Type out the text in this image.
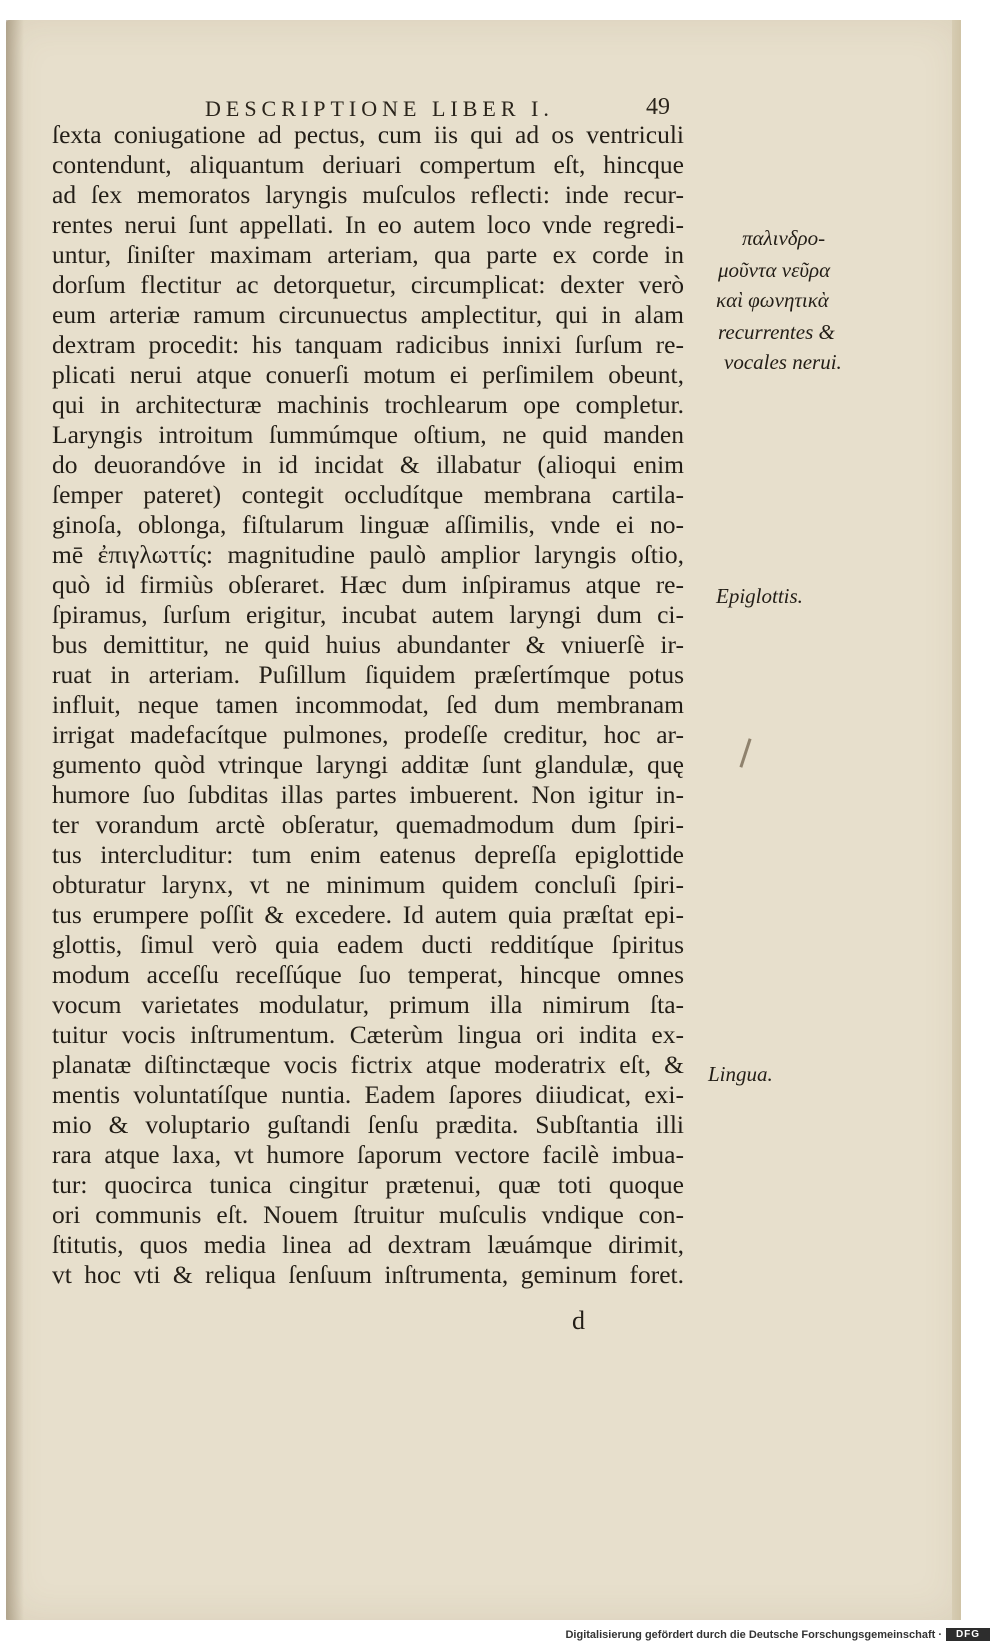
DESCRIPTIONE LIBER I.	49
ſexta coniugatione ad pectus, cum iis qui ad os ventriculi
contendunt, aliquantum deriuari compertum eſt, hincque
ad ſex memoratos laryngis muſculos reflecti: inde recur-
rentes nerui ſunt appellati. In eo autem loco vnde regredi-
untur, ſiniſter maximam arteriam, qua parte ex corde in
dorſum flectitur ac detorquetur, circumplicat: dexter verò
eum arteriæ ramum circunuectus amplectitur, qui in alam
dextram procedit: his tanquam radicibus innixi ſurſum re-
plicati nerui atque conuerſi motum ei perſimilem obeunt,
qui in architecturæ machinis trochlearum ope completur.
Laryngis introitum ſummúmque oſtium, ne quid manden
do deuorandóve in id incidat & illabatur (alioqui enim
ſemper pateret) contegit occludítque membrana cartila-
ginoſa, oblonga, fiſtularum linguæ aſſimilis, vnde ei no-
mē ἐπιγλωττίς: magnitudine paulò amplior laryngis oſtio,
quò id firmiùs obſeraret. Hæc dum inſpiramus atque re-
ſpiramus, ſurſum erigitur, incubat autem laryngi dum ci-
bus demittitur, ne quid huius abundanter & vniuerſè ir-
ruat in arteriam. Puſillum ſiquidem præſertímque potus
influit, neque tamen incommodat, ſed dum membranam
irrigat madefacítque pulmones, prodeſſe creditur, hoc ar-
gumento quòd vtrinque laryngi additæ ſunt glandulæ, quę
humore ſuo ſubditas illas partes imbuerent. Non igitur in-
ter vorandum arctè obſeratur, quemadmodum dum ſpiri-
tus intercluditur: tum enim eatenus depreſſa epiglottide
obturatur larynx, vt ne minimum quidem concluſi ſpiri-
tus erumpere poſſit & excedere. Id autem quia præſtat epi-
glottis, ſimul verò quia eadem ducti redditíque ſpiritus
modum acceſſu receſſúque ſuo temperat, hincque omnes
vocum varietates modulatur, primum illa nimirum ſta-
tuitur vocis inſtrumentum. Cæterùm lingua ori indita ex-
planatæ diſtinctæque vocis fictrix atque moderatrix eſt, &
mentis voluntatíſque nuntia. Eadem ſapores diiudicat, exi-
mio & voluptario guſtandi ſenſu prædita. Subſtantia illi
rara atque laxa, vt humore ſaporum vectore facilè imbua-
tur: quocirca tunica cingitur prætenui, quæ toti quoque
ori communis eſt. Nouem ſtruitur muſculis vndique con-
ſtitutis, quos media linea ad dextram læuámque dirimit,
vt hoc vti & reliqua ſenſuum inſtrumenta, geminum foret.
παλινδρο-
μοῦντα νεῦρα
καὶ φωνητικὰ
recurrentes &
vocales nerui.
Epiglottis.
Lingua.
d
Digitalisierung gefördert durch die Deutsche Forschungsgemeinschaft ·	DFG
